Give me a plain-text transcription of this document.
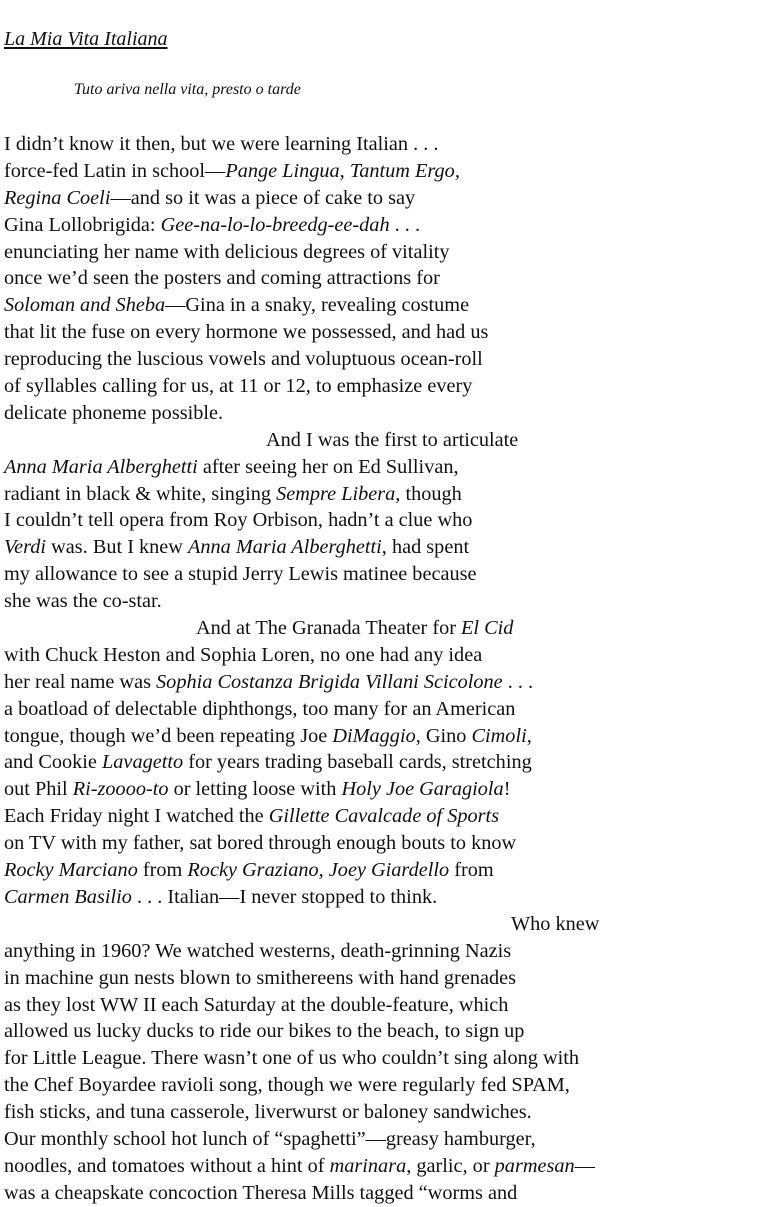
La Mia Vita Italiana
Tuto ariva nella vita, presto o tarde
I didn’t know it then, but we were learning Italian . . .
force-fed Latin in school—Pange Lingua, Tantum Ergo,
Regina Coeli—and so it was a piece of cake to say
Gina Lollobrigida: Gee-na-lo-lo-breedg-ee-dah . . .
enunciating her name with delicious degrees of vitality
once we’d seen the posters and coming attractions for
Soloman and Sheba—Gina in a snaky, revealing costume
that lit the fuse on every hormone we possessed, and had us
reproducing the luscious vowels and voluptuous ocean-roll
of syllables calling for us, at 11 or 12, to emphasize every
delicate phoneme possible.
And I was the first to articulate
Anna Maria Alberghetti after seeing her on Ed Sullivan,
radiant in black & white, singing Sempre Libera, though
I couldn’t tell opera from Roy Orbison, hadn’t a clue who
Verdi was. But I knew Anna Maria Alberghetti, had spent
my allowance to see a stupid Jerry Lewis matinee because
she was the co-star.
And at The Granada Theater for El Cid
with Chuck Heston and Sophia Loren, no one had any idea
her real name was Sophia Costanza Brigida Villani Scicolone . . .
a boatload of delectable diphthongs, too many for an American
tongue, though we’d been repeating Joe DiMaggio, Gino Cimoli,
and Cookie Lavagetto for years trading baseball cards, stretching
out Phil Ri-zoooo-to or letting loose with Holy Joe Garagiola!
Each Friday night I watched the Gillette Cavalcade of Sports
on TV with my father, sat bored through enough bouts to know
Rocky Marciano from Rocky Graziano, Joey Giardello from
Carmen Basilio . . . Italian—I never stopped to think.
Who knew
anything in 1960? We watched westerns, death-grinning Nazis
in machine gun nests blown to smithereens with hand grenades
as they lost WW II each Saturday at the double-feature, which
allowed us lucky ducks to ride our bikes to the beach, to sign up
for Little League. There wasn’t one of us who couldn’t sing along with
the Chef Boyardee ravioli song, though we were regularly fed SPAM,
fish sticks, and tuna casserole, liverwurst or baloney sandwiches.
Our monthly school hot lunch of “spaghetti”—greasy hamburger,
noodles, and tomatoes without a hint of marinara, garlic, or parmesan—
was a cheapskate concoction Theresa Mills tagged “worms and
